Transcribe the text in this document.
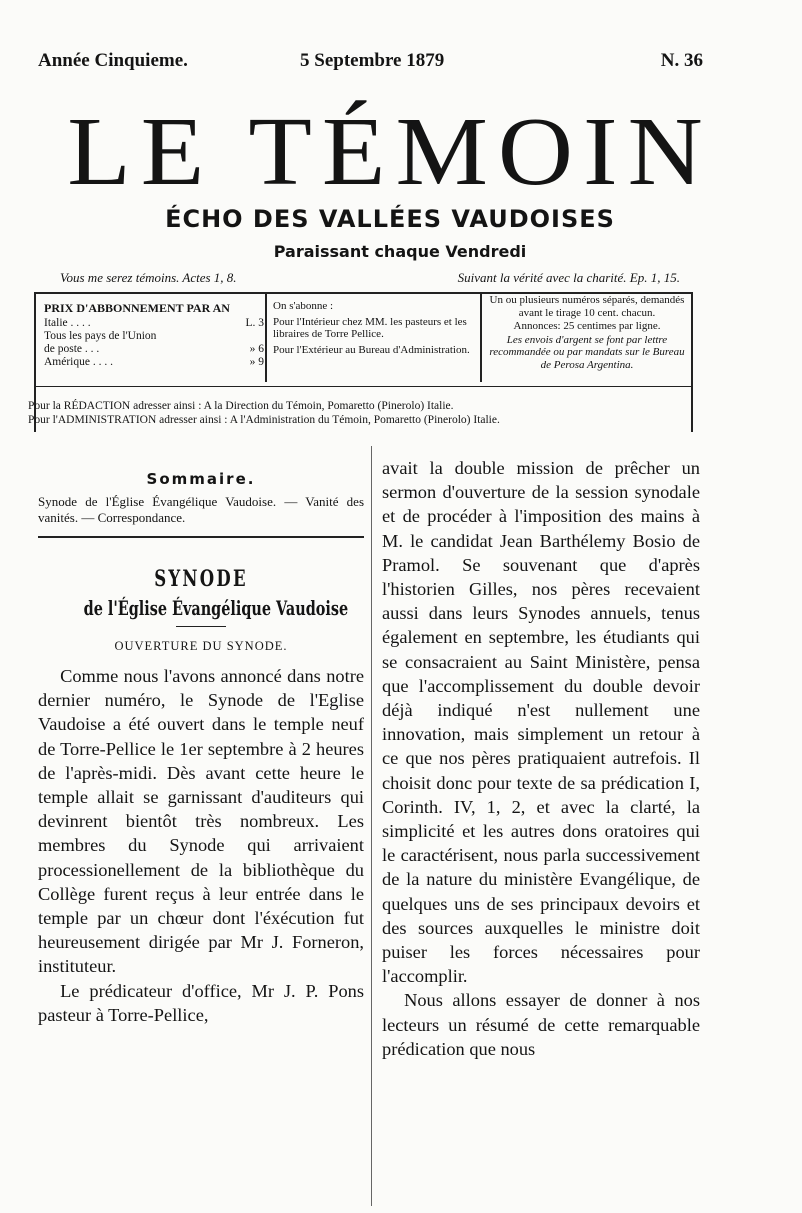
Année Cinquieme.	5 Septembre 1879	N. 36
LE TÉMOIN
ÉCHO DES VALLÉES VAUDOISES
Paraissant chaque Vendredi
Vous me serez témoins. Actes 1, 8.	Suivant la vérité avec la charité. Ep. 1, 15.
PRIX D'ABBONNEMENT PAR AN
Italie . . . .	L. 3
Tous les pays de l'Union
de poste . . .	» 6
Amérique . . . .	» 9

On s'abonne :

Pour l'Intérieur chez MM. les pasteurs et les libraires de Torre Pellice.

Pour l'Extérieur au Bureau d'Administration.

Un ou plusieurs numéros séparés, demandés avant le tirage 10 cent. chacun.

Annonces: 25 centimes par ligne.

Les envois d'argent se font par lettre recommandée ou par mandats sur le Bureau de Perosa Argentina.

Pour la RÉDACTION adresser ainsi : A la Direction du Témoin, Pomaretto (Pinerolo) Italie.
Pour l'ADMINISTRATION adresser ainsi : A l'Administration du Témoin, Pomaretto (Pinerolo) Italie.
Sommaire.
Synode de l'Église Évangélique Vaudoise. — Vanité des vanités. — Correspondance.
SYNODE
de l'Église Évangélique Vaudoise
OUVERTURE DU SYNODE.

Comme nous l'avons annoncé dans notre dernier numéro, le Synode de l'Eglise Vaudoise a été ouvert dans le temple neuf de Torre-Pellice le 1er septembre à 2 heures de l'après-midi. Dès avant cette heure le temple allait se garnissant d'auditeurs qui devinrent bientôt très nombreux. Les membres du Synode qui arrivaient processionellement de la bibliothèque du Collège furent reçus à leur entrée dans le temple par un chœur dont l'éxécution fut heureusement dirigée par Mr J. Forneron, instituteur.

Le prédicateur d'office, Mr J. P. Pons pasteur à Torre-Pellice,

avait la double mission de prêcher un sermon d'ouverture de la session synodale et de procéder à l'imposition des mains à M. le candidat Jean Barthélemy Bosio de Pramol. Se souvenant que d'après l'historien Gilles, nos pères recevaient aussi dans leurs Synodes annuels, tenus également en septembre, les étudiants qui se consacraient au Saint Ministère, pensa que l'accomplissement du double devoir déjà indiqué n'est nullement une innovation, mais simplement un retour à ce que nos pères pratiquaient autrefois. Il choisit donc pour texte de sa prédication I, Corinth. IV, 1, 2, et avec la clarté, la simplicité et les autres dons oratoires qui le caractérisent, nous parla successivement de la nature du ministère Evangélique, de quelques uns de ses principaux devoirs et des sources auxquelles le ministre doit puiser les forces nécessaires pour l'accomplir.

Nous allons essayer de donner à nos lecteurs un résumé de cette remarquable prédication que nous
